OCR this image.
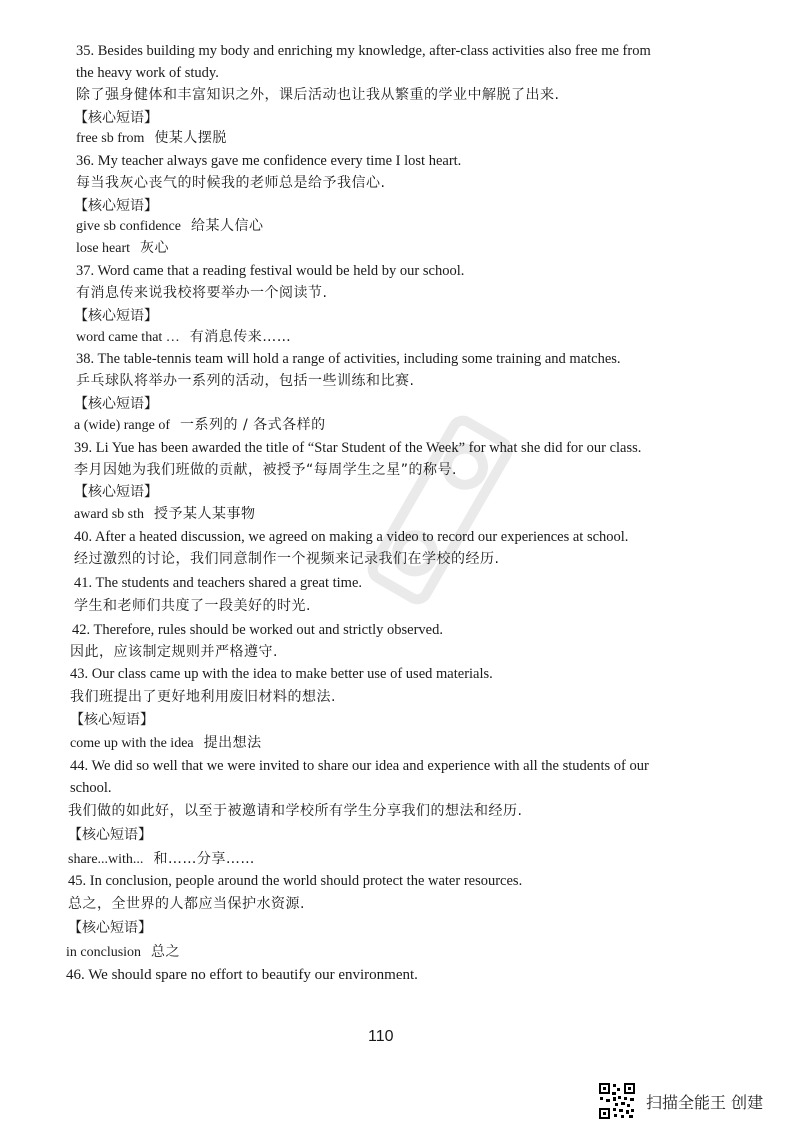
35. Besides building my body and enriching my knowledge, after-class activities also free me from
the heavy work of study.
除了强身健体和丰富知识之外，课后活动也让我从繁重的学业中解脱了出来.
【核心短语】
free sb from 使某人摆脱
36. My teacher always gave me confidence every time I lost heart.
每当我灰心丧气的时候我的老师总是给予我信心.
【核心短语】
give sb confidence 给某人信心
lose heart 灰心
37. Word came that a reading festival would be held by our school.
有消息传来说我校将要举办一个阅读节.
【核心短语】
word came that … 有消息传来……
38. The table-tennis team will hold a range of activities, including some training and matches.
乒乓球队将举办一系列的活动，包括一些训练和比赛.
【核心短语】
a (wide) range of 一系列的 / 各式各样的
39. Li Yue has been awarded the title of “Star Student of the Week” for what she did for our class.
李月因她为我们班做的贡献，被授予“每周学生之星”的称号.
【核心短语】
award sb sth 授予某人某事物
40. After a heated discussion, we agreed on making a video to record our experiences at school.
经过激烈的讨论，我们同意制作一个视频来记录我们在学校的经历.
41. The students and teachers shared a great time.
学生和老师们共度了一段美好的时光.
42. Therefore, rules should be worked out and strictly observed.
因此，应该制定规则并严格遵守.
43. Our class came up with the idea to make better use of used materials.
我们班提出了更好地利用废旧材料的想法.
【核心短语】
come up with the idea 提出想法
44. We did so well that we were invited to share our idea and experience with all the students of our
school.
我们做的如此好，以至于被邀请和学校所有学生分享我们的想法和经历.
【核心短语】
share...with... 和……分享……
45. In conclusion, people around the world should protect the water resources.
总之，全世界的人都应当保护水资源.
【核心短语】
in conclusion 总之
46. We should spare no effort to beautify our environment.
110
扫描全能王 创建
